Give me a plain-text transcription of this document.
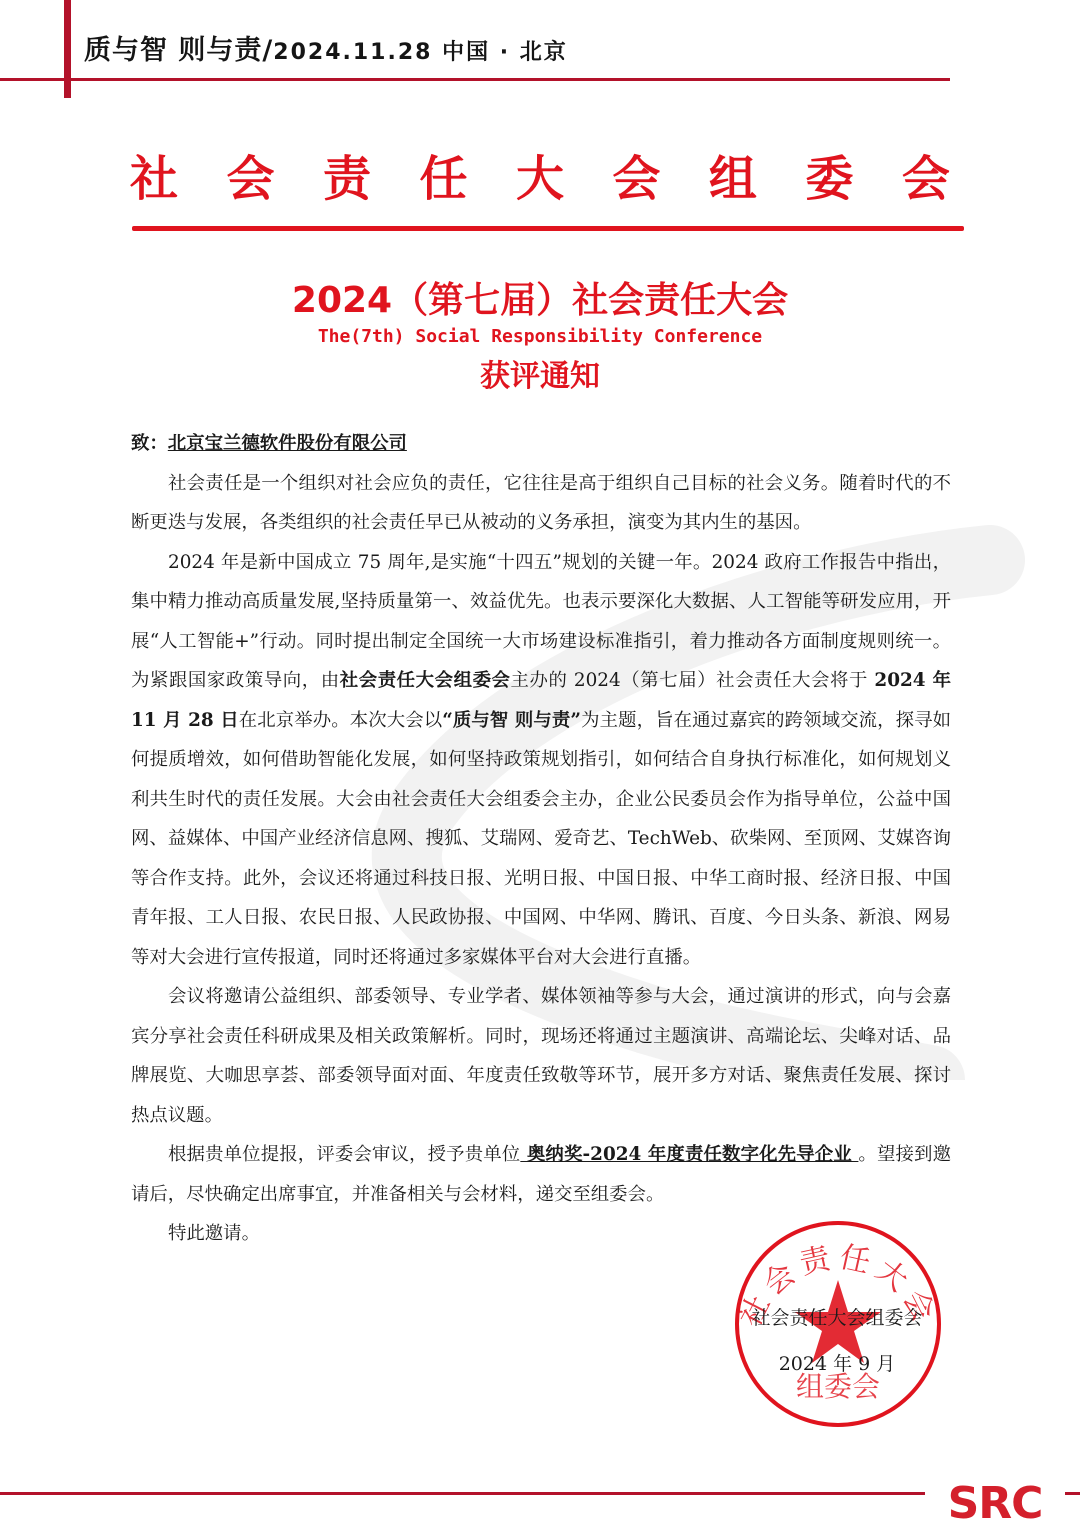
质与智 则与责/2024.11.28 中国 · 北京
社 会 责 任 大 会 组 委 会
2024（第七届）社会责任大会
The(7th) Social Responsibility Conference
获评通知

致：北京宝兰德软件股份有限公司

社会责任是一个组织对社会应负的责任，它往往是高于组织自己目标的社会义务。随着时代的不断更迭与发展，各类组织的社会责任早已从被动的义务承担，演变为其内生的基因。

2024 年是新中国成立 75 周年,是实施“十四五”规划的关键一年。2024 政府工作报告中指出，集中精力推动高质量发展,坚持质量第一、效益优先。也表示要深化大数据、人工智能等研发应用，开展“人工智能+”行动。同时提出制定全国统一大市场建设标准指引，着力推动各方面制度规则统一。为紧跟国家政策导向，由社会责任大会组委会主办的 2024（第七届）社会责任大会将于 2024 年 11 月 28 日在北京举办。本次大会以“质与智 则与责”为主题，旨在通过嘉宾的跨领域交流，探寻如何提质增效，如何借助智能化发展，如何坚持政策规划指引，如何结合自身执行标准化，如何规划义利共生时代的责任发展。大会由社会责任大会组委会主办，企业公民委员会作为指导单位，公益中国网、益媒体、中国产业经济信息网、搜狐、艾瑞网、爱奇艺、TechWeb、砍柴网、至顶网、艾媒咨询等合作支持。此外，会议还将通过科技日报、光明日报、中国日报、中华工商时报、经济日报、中国青年报、工人日报、农民日报、人民政协报、中国网、中华网、腾讯、百度、今日头条、新浪、网易等对大会进行宣传报道，同时还将通过多家媒体平台对大会进行直播。

会议将邀请公益组织、部委领导、专业学者、媒体领袖等参与大会，通过演讲的形式，向与会嘉宾分享社会责任科研成果及相关政策解析。同时，现场还将通过主题演讲、高端论坛、尖峰对话、品牌展览、大咖思享荟、部委领导面对面、年度责任致敬等环节，展开多方对话、聚焦责任发展、探讨热点议题。

根据贵单位提报，评委会审议，授予贵单位 奥纳奖-2024 年度责任数字化先导企业 。望接到邀请后，尽快确定出席事宜，并准备相关与会材料，递交至组委会。

特此邀请。

社会责任大会
组委会
社会责任大会组委会
2024 年 9 月
SRC
